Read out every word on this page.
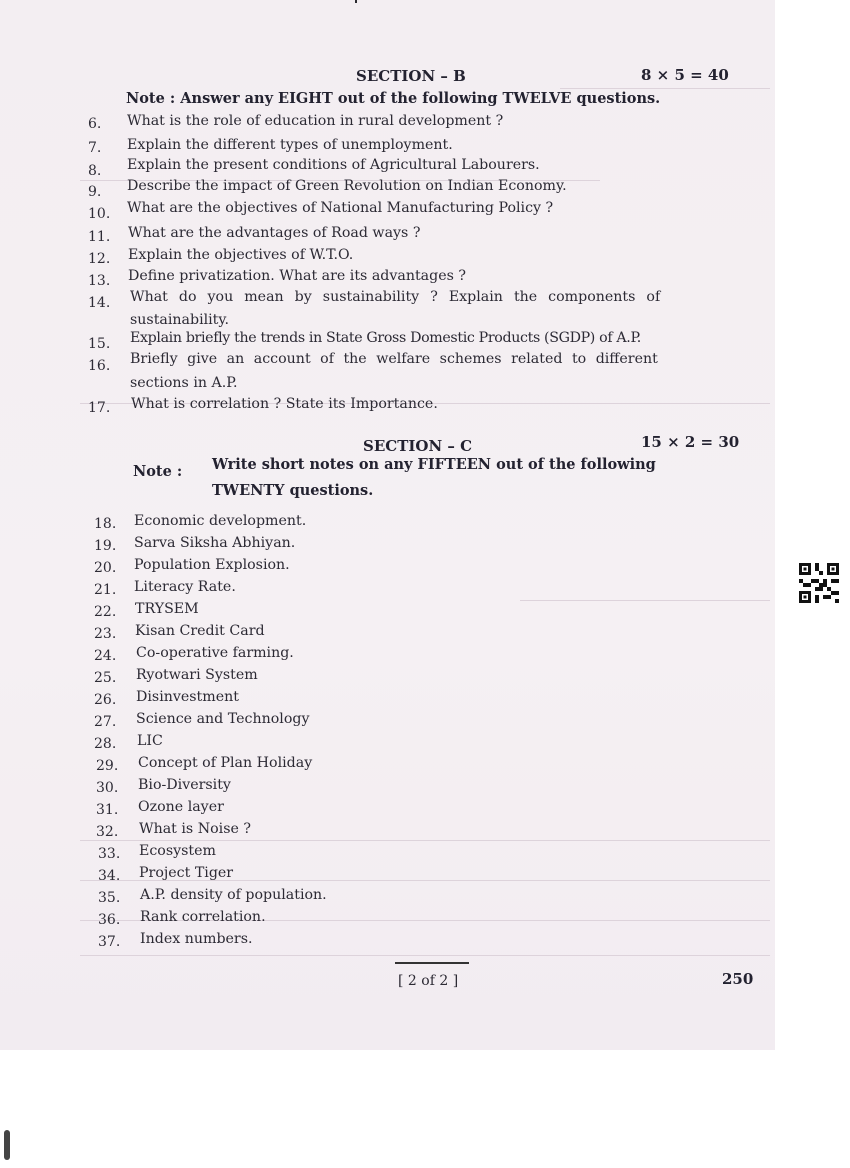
SECTION – B	8 × 5 = 40
Note : Answer any EIGHT out of the following TWELVE questions.
6. What is the role of education in rural development ?
7. Explain the different types of unemployment.
8. Explain the present conditions of Agricultural Labourers.
9. Describe the impact of Green Revolution on Indian Economy.
10. What are the objectives of National Manufacturing Policy ?
11. What are the advantages of Road ways ?
12. Explain the objectives of W.T.O.
13. Define privatization. What are its advantages ?
14. What do you mean by sustainability ? Explain the components of
sustainability.
15. Explain briefly the trends in State Gross Domestic Products (SGDP) of A.P.
16. Briefly give an account of the welfare schemes related to different
sections in A.P.
17. What is correlation ? State its Importance.
SECTION – C	15 × 2 = 30
Note : Write short notes on any FIFTEEN out of the following
TWENTY questions.
18. Economic development.
19. Sarva Siksha Abhiyan.
20. Population Explosion.
21. Literacy Rate.
22. TRYSEM
23. Kisan Credit Card
24. Co-operative farming.
25. Ryotwari System
26. Disinvestment
27. Science and Technology
28. LIC
29. Concept of Plan Holiday
30. Bio-Diversity
31. Ozone layer
32. What is Noise ?
33. Ecosystem
34. Project Tiger
35. A.P. density of population.
36. Rank correlation.
37. Index numbers.
[ 2 of 2 ]	250
